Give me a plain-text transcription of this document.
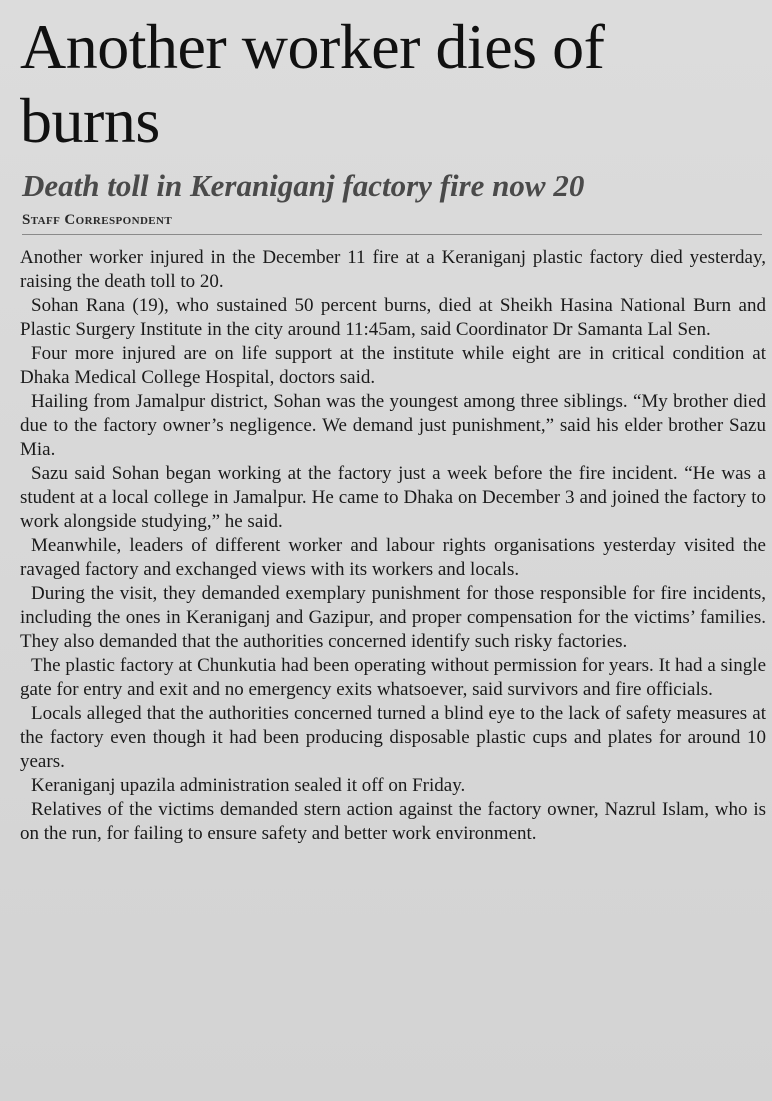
Another worker dies of burns
Death toll in Keraniganj factory fire now 20
Staff Correspondent

Another worker injured in the December 11 fire at a Keraniganj plastic factory died yesterday, raising the death toll to 20.

Sohan Rana (19), who sustained 50 percent burns, died at Sheikh Hasina National Burn and Plastic Surgery Institute in the city around 11:45am, said Coordinator Dr Samanta Lal Sen.

Four more injured are on life support at the institute while eight are in critical condition at Dhaka Medical College Hospital, doctors said.

Hailing from Jamalpur district, Sohan was the youngest among three siblings. “My brother died due to the factory owner’s negligence. We demand just punishment,” said his elder brother Sazu Mia.

Sazu said Sohan began working at the factory just a week before the fire incident. “He was a student at a local college in Jamalpur. He came to Dhaka on December 3 and joined the factory to work alongside studying,” he said.

Meanwhile, leaders of different worker and labour rights organisations yesterday visited the ravaged factory and exchanged views with its workers and locals.

During the visit, they demanded exemplary punishment for those responsible for fire incidents, including the ones in Keraniganj and Gazipur, and proper compensation for the victims’ families. They also demanded that the authorities concerned identify such risky factories.

The plastic factory at Chunkutia had been operating without permission for years. It had a single gate for entry and exit and no emergency exits whatsoever, said survivors and fire officials.

Locals alleged that the authorities concerned turned a blind eye to the lack of safety measures at the factory even though it had been producing disposable plastic cups and plates for around 10 years.

Keraniganj upazila administration sealed it off on Friday.

Relatives of the victims demanded stern action against the factory owner, Nazrul Islam, who is on the run, for failing to ensure safety and better work environment.
